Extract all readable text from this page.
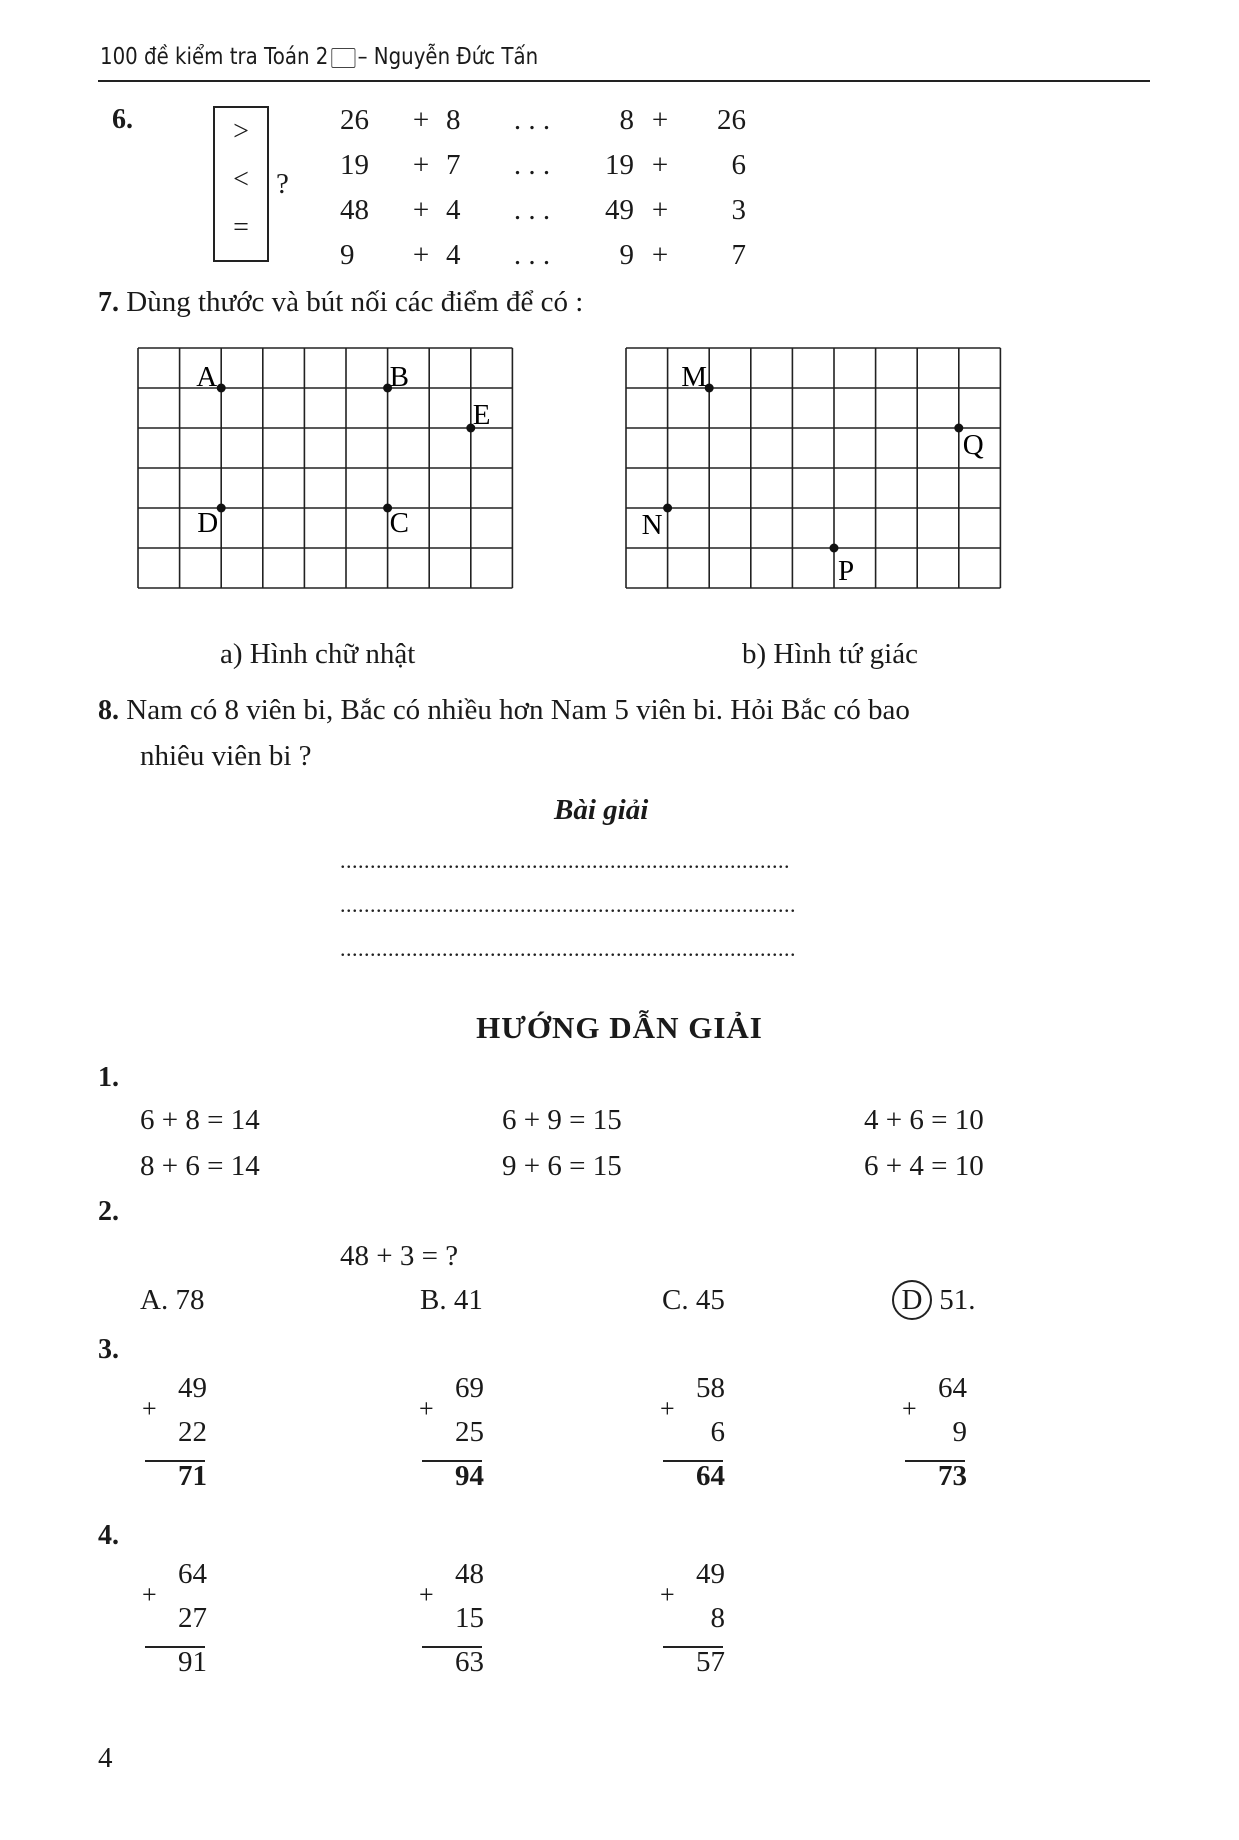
100 đề kiểm tra Toán 2 – Nguyễn Đức Tấn
6.	>
<
=
?
26	+	8	. . .	8	+	26
19	+	7	. . .	19	+	6
48	+	4	. . .	49	+	3
9	+	4	. . .	9	+	7
7. Dùng thước và bút nối các điểm để có :
A	B
E
D	C
M
Q
N
P
a) Hình chữ nhật	b) Hình tứ giác
8. Nam có 8 viên bi, Bắc có nhiều hơn Nam 5 viên bi. Hỏi Bắc có bao
nhiêu viên bi ?
Bài giải
...........................................................................
............................................................................
............................................................................
HƯỚNG DẪN GIẢI
1.
6 + 8 = 14	6 + 9 = 15	4 + 6 = 10
8 + 6 = 14	9 + 6 = 15	6 + 4 = 10
2.
48 + 3 = ?
A. 78	B. 41	C. 45	D 51.
3.
49
+
22
71
69
+
25
94
58
+
6
64
64
+
9
73
4.
64
+
27
91
48
+
15
63
49
+
8
57
4
